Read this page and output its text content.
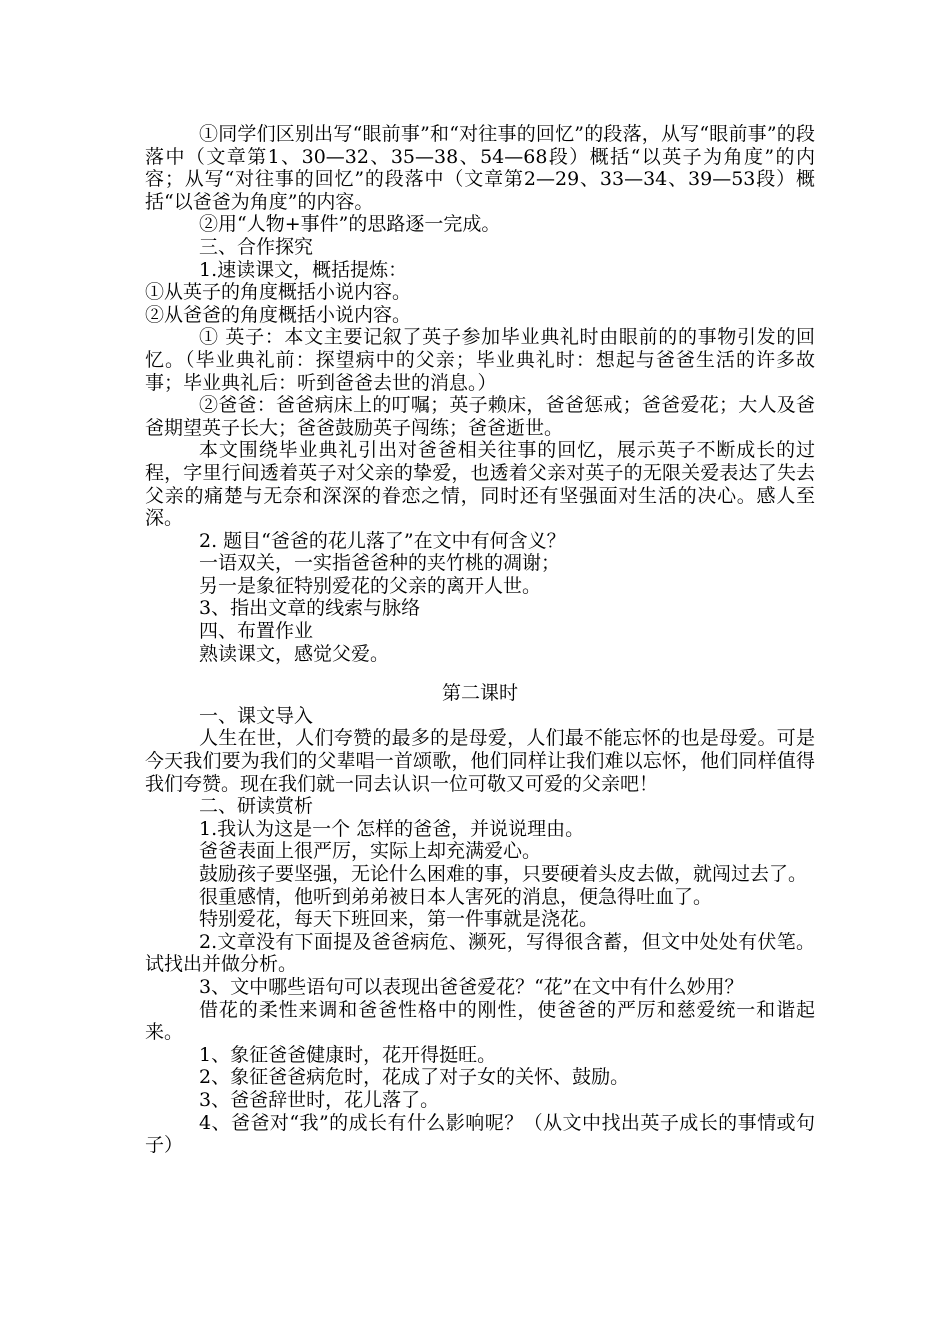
①同学们区别出写“眼前事”和“对往事的回忆”的段落，从写“眼前事”的段落中（文章第1、30—32、35—38、54—68段）概括“以英子为角度”的内容；从写“对往事的回忆”的段落中（文章第2—29、33—34、39—53段）概括“以爸爸为角度”的内容。

②用“人物+事件”的思路逐一完成。

三、合作探究

1.速读课文，概括提炼：

①从英子的角度概括小说内容。

②从爸爸的角度概括小说内容。

① 英子：本文主要记叙了英子参加毕业典礼时由眼前的的事物引发的回忆。（毕业典礼前：探望病中的父亲；毕业典礼时：想起与爸爸生活的许多故事；毕业典礼后：听到爸爸去世的消息。）

②爸爸：爸爸病床上的叮嘱；英子赖床，爸爸惩戒；爸爸爱花；大人及爸爸期望英子长大；爸爸鼓励英子闯练；爸爸逝世。

本文围绕毕业典礼引出对爸爸相关往事的回忆，展示英子不断成长的过程，字里行间透着英子对父亲的挚爱，也透着父亲对英子的无限关爱表达了失去父亲的痛楚与无奈和深深的眷恋之情，同时还有坚强面对生活的决心。感人至深。

2. 题目“爸爸的花儿落了”在文中有何含义？

一语双关，一实指爸爸种的夹竹桃的凋谢；

另一是象征特别爱花的父亲的离开人世。

3、指出文章的线索与脉络

四、布置作业

熟读课文，感觉父爱。

第二课时

一、课文导入

人生在世，人们夸赞的最多的是母爱，人们最不能忘怀的也是母爱。可是今天我们要为我们的父辈唱一首颂歌，他们同样让我们难以忘怀，他们同样值得我们夸赞。现在我们就一同去认识一位可敬又可爱的父亲吧！

二、研读赏析

1.我认为这是一个 怎样的爸爸，并说说理由。

爸爸表面上很严厉，实际上却充满爱心。

鼓励孩子要坚强，无论什么困难的事，只要硬着头皮去做，就闯过去了。

很重感情，他听到弟弟被日本人害死的消息，便急得吐血了。

特别爱花，每天下班回来，第一件事就是浇花。

2.文章没有下面提及爸爸病危、濒死，写得很含蓄，但文中处处有伏笔。试找出并做分析。

3、文中哪些语句可以表现出爸爸爱花？“花”在文中有什么妙用？

借花的柔性来调和爸爸性格中的刚性，使爸爸的严厉和慈爱统一和谐起来。

1、象征爸爸健康时，花开得挺旺。

2、象征爸爸病危时，花成了对子女的关怀、鼓励。

3、爸爸辞世时，花儿落了。

4、爸爸对“我”的成长有什么影响呢？（从文中找出英子成长的事情或句子）
